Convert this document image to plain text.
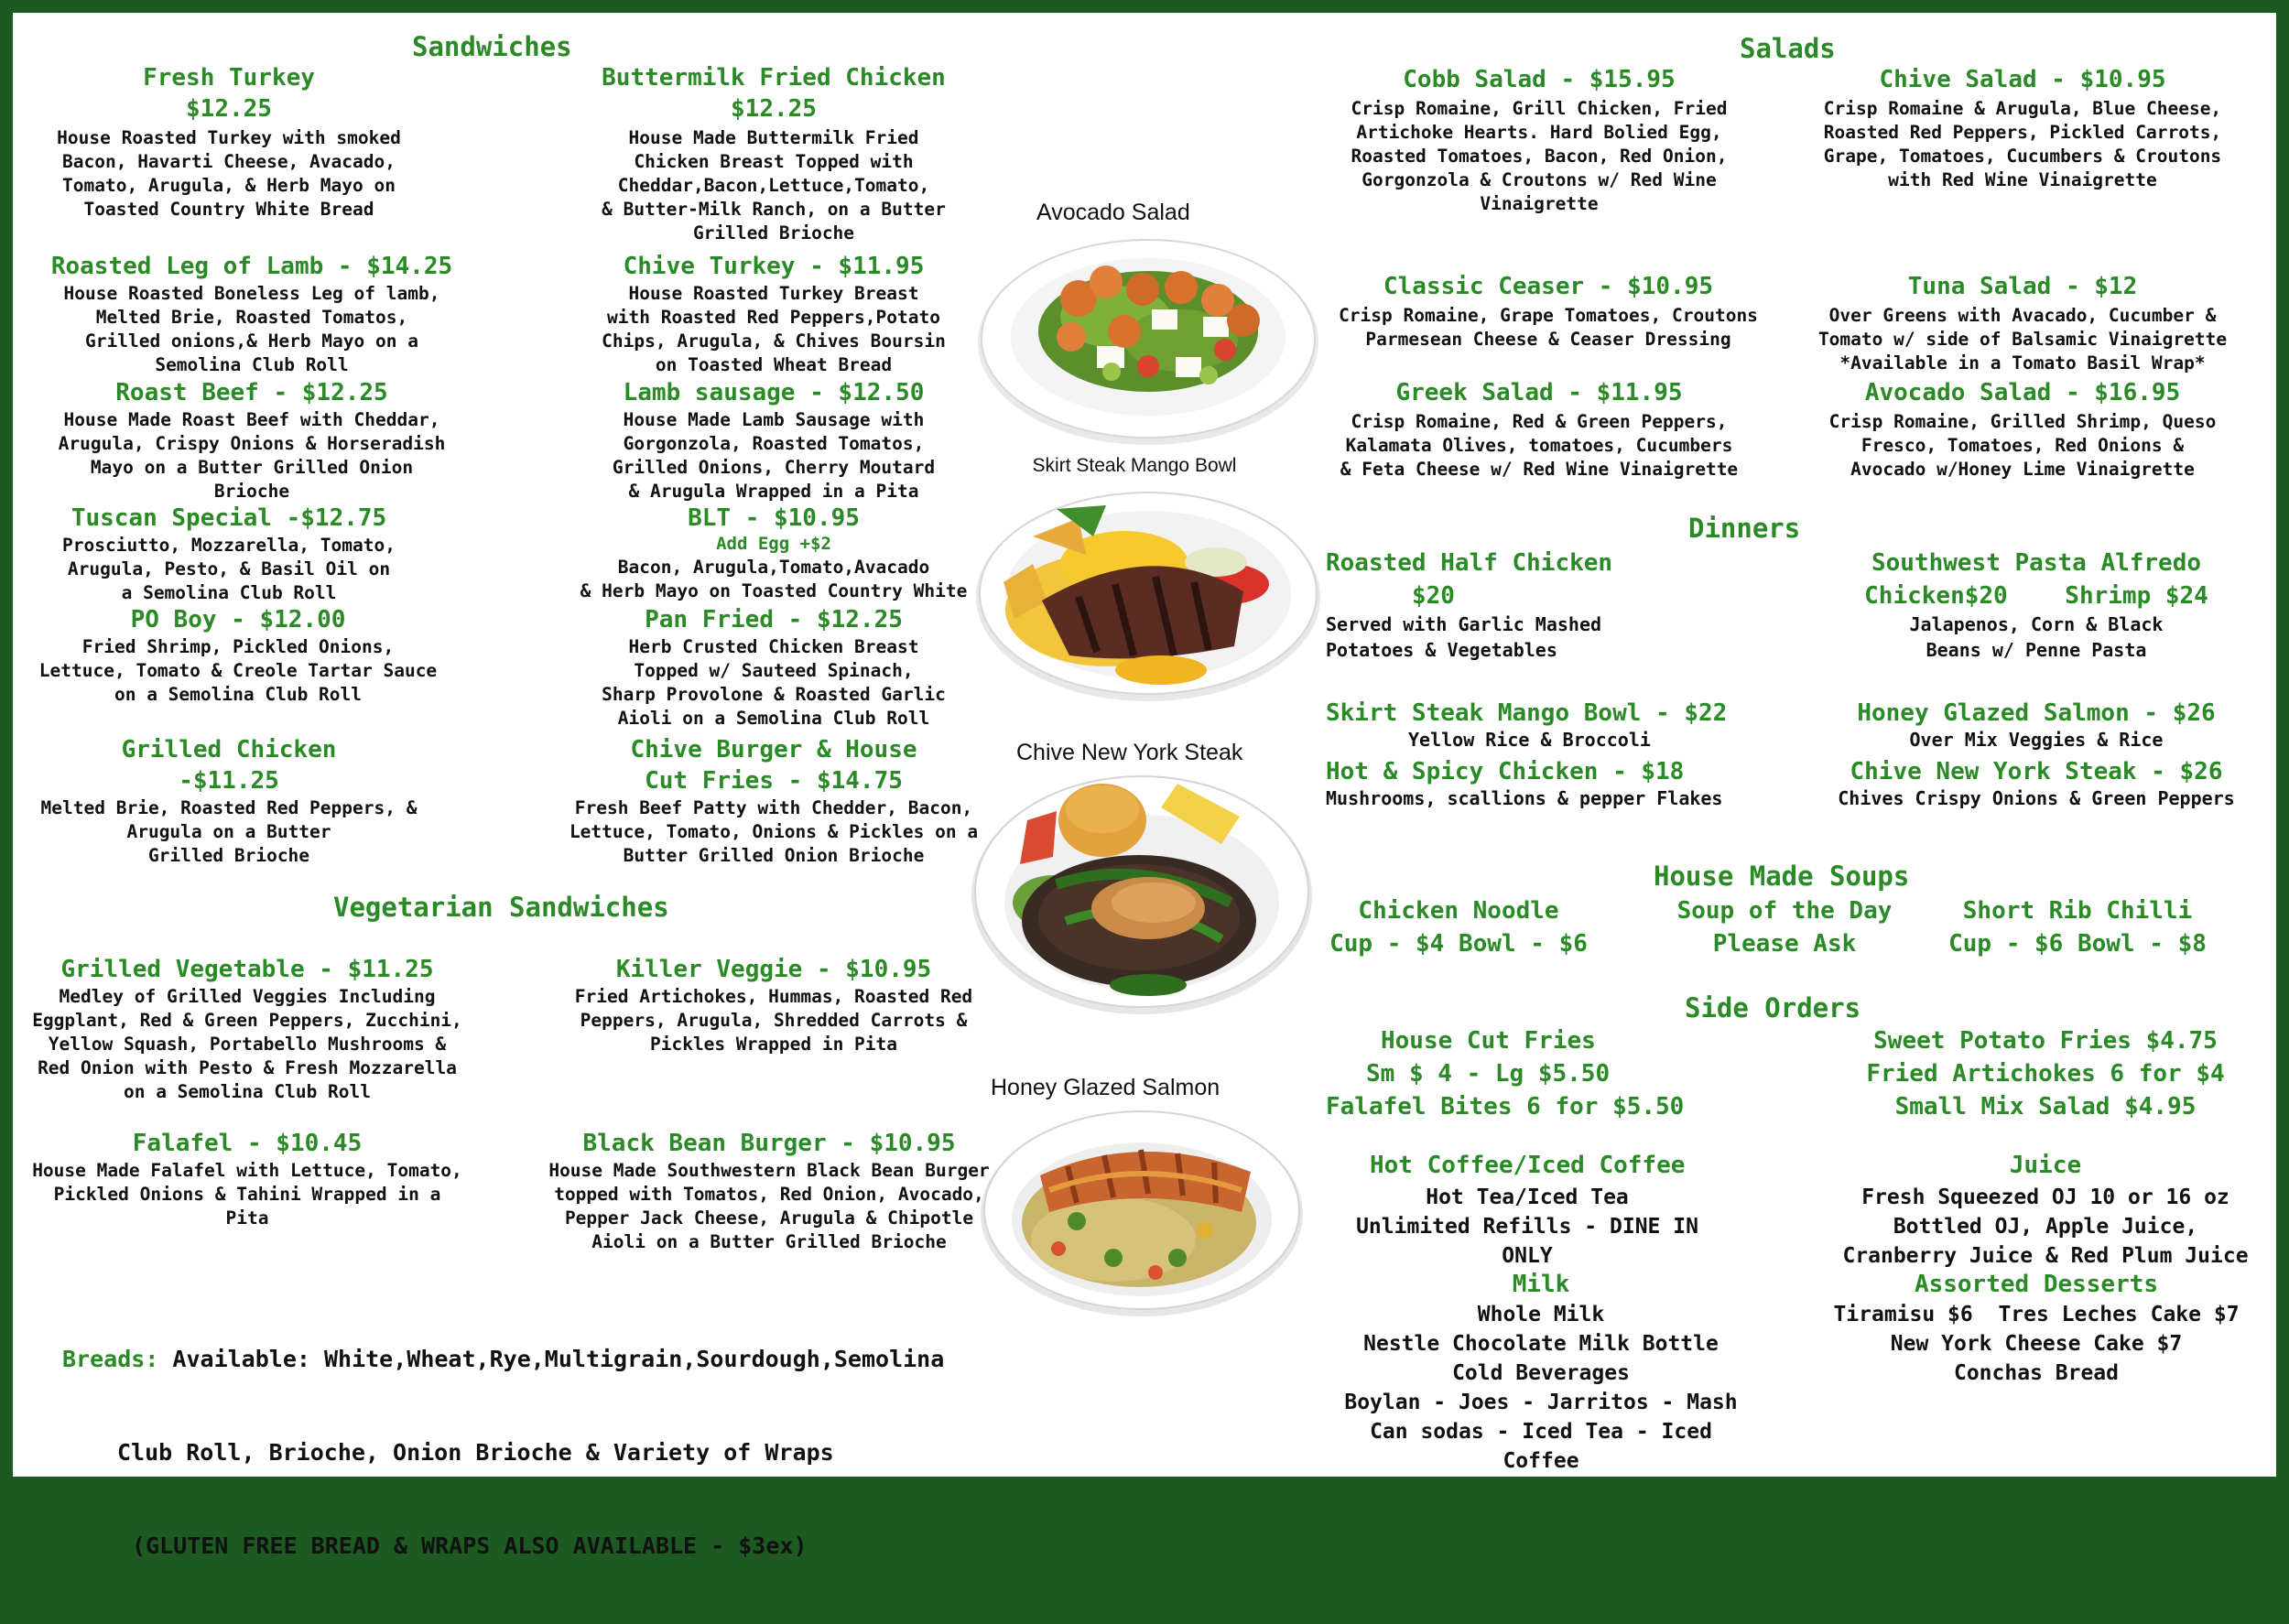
Sandwiches
Fresh Turkey
$12.25
House Roasted Turkey with smoked
Bacon, Havarti Cheese, Avacado,
Tomato, Arugula, & Herb Mayo on
Toasted Country White Bread
Buttermilk Fried Chicken
$12.25
House Made Buttermilk Fried
Chicken Breast Topped with
Cheddar,Bacon,Lettuce,Tomato,
& Butter-Milk Ranch, on a Butter
Grilled Brioche
Roasted Leg of Lamb - $14.25
House Roasted Boneless Leg of lamb,
Melted Brie, Roasted Tomatos,
Grilled onions,& Herb Mayo on a
Semolina Club Roll
Chive Turkey - $11.95
House Roasted Turkey Breast
with Roasted Red Peppers,Potato
Chips, Arugula, & Chives Boursin
on Toasted Wheat Bread
Roast Beef - $12.25
House Made Roast Beef with Cheddar,
Arugula, Crispy Onions & Horseradish
Mayo on a Butter Grilled Onion
Brioche
Lamb sausage - $12.50
House Made Lamb Sausage with
Gorgonzola, Roasted Tomatos,
Grilled Onions, Cherry Moutard
& Arugula Wrapped in a Pita
Tuscan Special -$12.75
Prosciutto, Mozzarella, Tomato,
Arugula, Pesto, & Basil Oil on
a Semolina Club Roll
BLT - $10.95
Add Egg +$2
Bacon, Arugula,Tomato,Avacado
& Herb Mayo on Toasted Country White
PO Boy - $12.00
Fried Shrimp, Pickled Onions,
Lettuce, Tomato & Creole Tartar Sauce
on a Semolina Club Roll
Pan Fried - $12.25
Herb Crusted Chicken Breast
Topped w/ Sauteed Spinach,
Sharp Provolone & Roasted Garlic
Aioli on a Semolina Club Roll
Grilled Chicken
-$11.25
Melted Brie, Roasted Red Peppers, &
Arugula on a Butter
Grilled Brioche
Chive Burger & House
Cut Fries - $14.75
Fresh Beef Patty with Chedder, Bacon,
Lettuce, Tomato, Onions & Pickles on a
Butter Grilled Onion Brioche
Vegetarian Sandwiches
Grilled Vegetable - $11.25
Medley of Grilled Veggies Including
Eggplant, Red & Green Peppers, Zucchini,
Yellow Squash, Portabello Mushrooms &
Red Onion with Pesto & Fresh Mozzarella
on a Semolina Club Roll
Killer Veggie - $10.95
Fried Artichokes, Hummas, Roasted Red
Peppers, Arugula, Shredded Carrots &
Pickles Wrapped in Pita
Falafel - $10.45
House Made Falafel with Lettuce, Tomato,
Pickled Onions & Tahini Wrapped in a Pita
Black Bean Burger - $10.95
House Made Southwestern Black Bean Burger
topped with Tomatos, Red Onion, Avocado,
Pepper Jack Cheese, Arugula & Chipotle
Aioli on a Butter Grilled Brioche

Breads: Available: White,Wheat,Rye,Multigrain,Sourdough,Semolina

Club Roll, Brioche, Onion Brioche & Variety of Wraps

(GLUTEN FREE BREAD & WRAPS ALSO AVAILABLE - $3ex)

Avocado Salad
Skirt Steak Mango Bowl
Chive New York Steak
Honey Glazed Salmon
Salads
Cobb Salad - $15.95
Crisp Romaine, Grill Chicken, Fried
Artichoke Hearts. Hard Bolied Egg,
Roasted Tomatoes, Bacon, Red Onion,
Gorgonzola & Croutons w/ Red Wine
Vinaigrette
Chive Salad - $10.95
Crisp Romaine & Arugula, Blue Cheese,
Roasted Red Peppers, Pickled Carrots,
Grape, Tomatoes, Cucumbers & Croutons
with Red Wine Vinaigrette
Classic Ceaser - $10.95
Crisp Romaine, Grape Tomatoes, Croutons
Parmesean Cheese & Ceaser Dressing
Tuna Salad - $12
Over Greens with Avacado, Cucumber &
Tomato w/ side of Balsamic Vinaigrette
*Available in a Tomato Basil Wrap*
Greek Salad - $11.95
Crisp Romaine, Red & Green Peppers,
Kalamata Olives, tomatoes, Cucumbers
& Feta Cheese w/ Red Wine Vinaigrette
Avocado Salad - $16.95
Crisp Romaine, Grilled Shrimp, Queso
Fresco, Tomatoes, Red Onions &
Avocado w/Honey Lime Vinaigrette
Dinners
Roasted Half Chicken
$20
Served with Garlic Mashed
Potatoes & Vegetables
Southwest Pasta Alfredo
Chicken$20    Shrimp $24
Jalapenos, Corn & Black
Beans w/ Penne Pasta
Skirt Steak Mango Bowl - $22
Yellow Rice & Broccoli
Honey Glazed Salmon - $26
Over Mix Veggies & Rice
Hot & Spicy Chicken - $18
Mushrooms, scallions & pepper Flakes
Chive New York Steak - $26
Chives Crispy Onions & Green Peppers
House Made Soups
Chicken Noodle
Cup - $4 Bowl - $6
Soup of the Day
Please Ask
Short Rib Chilli
Cup - $6 Bowl - $8
Side Orders
House Cut Fries
Sm $ 4 - Lg $5.50
Falafel Bites 6 for $5.50
Sweet Potato Fries $4.75
Fried Artichokes 6 for $4
Small Mix Salad $4.95
Hot Coffee/Iced Coffee
Hot Tea/Iced Tea
Unlimited Refills - DINE IN ONLY
Juice
Fresh Squeezed OJ 10 or 16 oz
Bottled OJ, Apple Juice,
Cranberry Juice & Red Plum Juice
Milk
Whole Milk
Nestle Chocolate Milk Bottle
Cold Beverages
Boylan - Joes - Jarritos - Mash
Can sodas - Iced Tea - Iced Coffee
Assorted Desserts
Tiramisu $6  Tres Leches Cake $7
New York Cheese Cake $7
Conchas Bread
